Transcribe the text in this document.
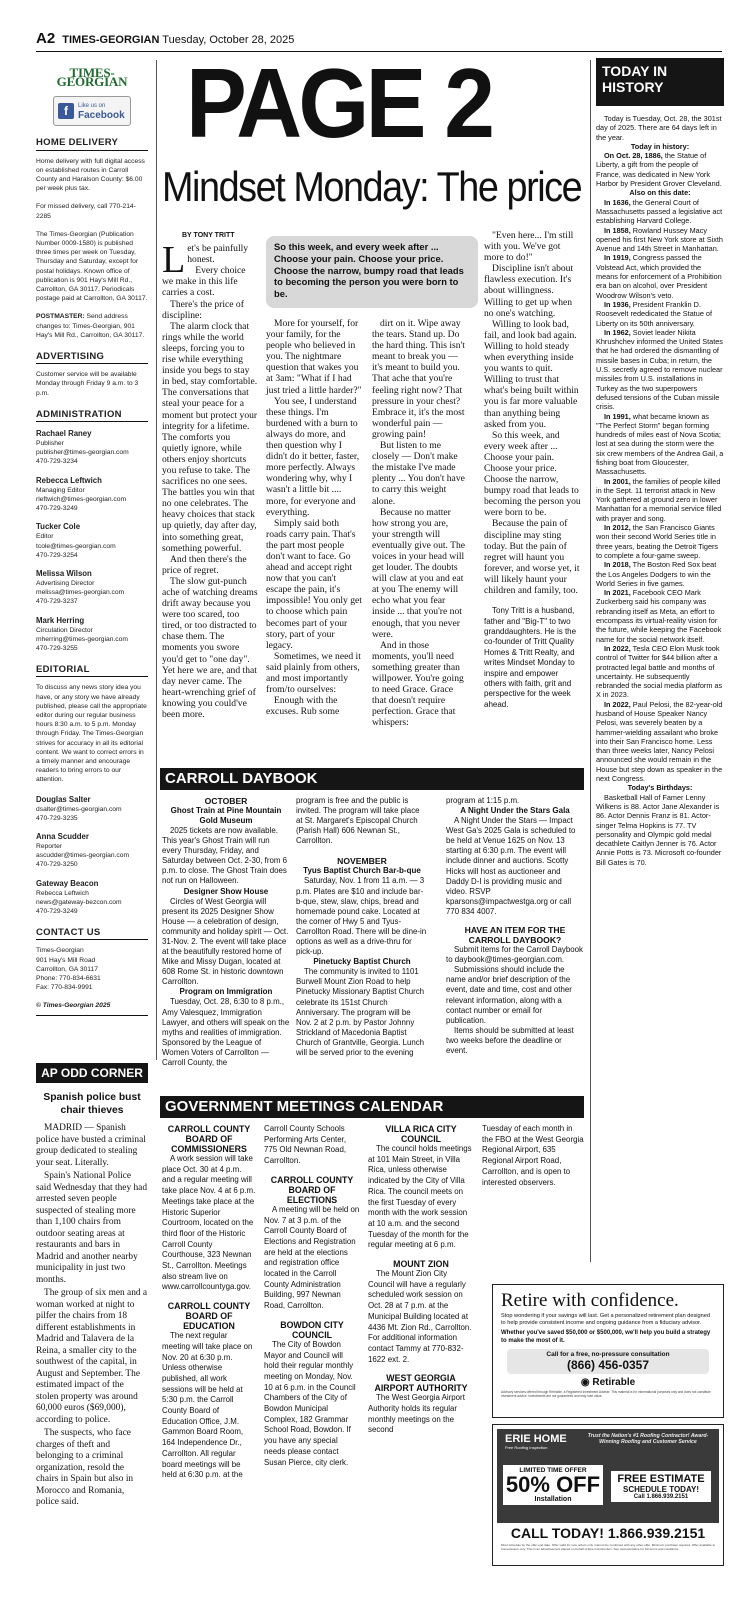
A2 TIMES-GEORGIAN Tuesday, October 28, 2025
TIMES-GEORGIAN
f	Like us on
Facebook
HOME DELIVERY

Home delivery with full digital access on established routes in Carroll County and Haralson County: $6.00 per week plus tax.

For missed delivery, call 770-214-2285

The Times-Georgian (Publication Number 0009-1580) is published three times per week on Tuesday, Thursday and Saturday, except for postal holidays. Known office of publication is 901 Hay's Mill Rd., Carrollton, GA 30117. Periodicals postage paid at Carrollton, GA 30117.

POSTMASTER: Send address changes to: Times-Georgian, 901 Hay's Mill Rd., Carrollton, GA 30117.

ADVERTISING

Customer service will be available Monday through Friday 9 a.m. to 3 p.m.

ADMINISTRATION
Rachael Raney
Publisher
publisher@times-georgian.com
470-729-3234
Rebecca Leftwich
Managing Editor
rleftwich@times-georgian.com
470-729-3249
Tucker Cole
Editor
tcole@times-georgian.com
470-729-3254
Melissa Wilson
Advertising Director
melissa@times-georgian.com
470-729-3237
Mark Herring
Circulation Director
mherring@times-georgian.com
470-729-3255
EDITORIAL

To discuss any news story idea you have, or any story we have already published, please call the appropriate editor during our regular business hours 8:30 a.m. to 5 p.m. Monday through Friday. The Times-Georgian strives for accuracy in all its editorial content. We want to correct errors in a timely manner and encourage readers to bring errors to our attention.

Douglas Salter
dsalter@times-georgian.com
470-729-3235
Anna Scudder
Reporter
ascudder@times-georgian.com
470-729-3250
Gateway Beacon
Rebecca Leftwich
news@gateway-bezcon.com
470-729-3249
CONTACT US
Times-Georgian
901 Hay's Mill Road
Carrollton, GA 30117
Phone: 770-834-6631
Fax: 770-834-9991
© Times-Georgian 2025
AP ODD CORNER
Spanish police bust chair thieves

MADRID — Spanish police have busted a criminal group dedicated to stealing your seat. Literally.

Spain's National Police said Wednesday that they had arrested seven people suspected of stealing more than 1,100 chairs from outdoor seating areas at restaurants and bars in Madrid and another nearby municipality in just two months.

The group of six men and a woman worked at night to pilfer the chairs from 18 different establishments in Madrid and Talavera de la Reina, a smaller city to the southwest of the capital, in August and September. The estimated impact of the stolen property was around 60,000 euros ($69,000), according to police.

The suspects, who face charges of theft and belonging to a criminal organization, resold the chairs in Spain but also in Morocco and Romania, police said.

PAGE 2
Mindset Monday: The price
BY TONY TRITT
L et's be painfully honest.

Every choice we make in this life carries a cost.

There's the price of discipline:

The alarm clock that rings while the world sleeps, forcing you to rise while everything inside you begs to stay in bed, stay comfortable. The conversations that steal your peace for a moment but protect your integrity for a lifetime. The comforts you quietly ignore, while others enjoy shortcuts you refuse to take. The sacrifices no one sees. The battles you win that no one celebrates. The heavy choices that stack up quietly, day after day, into something great, something powerful.

And then there's the price of regret.

The slow gut-punch ache of watching dreams drift away because you were too scared, too tired, or too distracted to chase them. The moments you swore you'd get to "one day". Yet here we are, and that day never came. The heart-wrenching grief of knowing you could've been more.

So this week, and every week after ... Choose your pain. Choose your price. Choose the narrow, bumpy road that leads to becoming the person you were born to be.

More for yourself, for your family, for the people who believed in you. The nightmare question that wakes you at 3am: "What if I had just tried a little harder?"

You see, I understand these things. I'm burdened with a burn to always do more, and then question why I didn't do it better, faster, more perfectly. Always wondering why, why I wasn't a little bit .... more, for everyone and everything.

Simply said both roads carry pain. That's the part most people don't want to face. Go ahead and accept right now that you can't escape the pain, it's impossible! You only get to choose which pain becomes part of your story, part of your legacy.

Sometimes, we need it said plainly from others, and most importantly from/to ourselves:

Enough with the excuses. Rub some

dirt on it. Wipe away the tears. Stand up. Do the hard thing. This isn't meant to break you — it's meant to build you. That ache that you're feeling right now? That pressure in your chest? Embrace it, it's the most wonderful pain — growing pain!

But listen to me closely — Don't make the mistake I've made plenty ... You don't have to carry this weight alone.

Because no matter how strong you are, your strength will eventually give out. The voices in your head will get louder. The doubts will claw at you and eat at you The enemy will echo what you fear inside ... that you're not enough, that you never were.

And in those moments, you'll need something greater than willpower. You're going to need Grace. Grace that doesn't require perfection. Grace that whispers:

"Even here... I'm still with you. We've got more to do!"

Discipline isn't about flawless execution. It's about willingness. Willing to get up when no one's watching.

Willing to look bad, fail, and look bad again. Willing to hold steady when everything inside you wants to quit. Willing to trust that what's being built within you is far more valuable than anything being asked from you.

So this week, and every week after ... Choose your pain. Choose your price. Choose the narrow, bumpy road that leads to becoming the person you were born to be.

Because the pain of discipline may sting today. But the pain of regret will haunt you forever, and worse yet, it will likely haunt your children and family, too.

Tony Tritt is a husband, father and "Big-T" to two granddaughters. He is the co-founder of Tritt Quality Homes & Tritt Realty, and writes Mindset Monday to inspire and empower others with faith, grit and perspective for the week ahead.

TODAY IN HISTORY

Today is Tuesday, Oct. 28, the 301st day of 2025. There are 64 days left in the year.

Today in history:

On Oct. 28, 1886, the Statue of Liberty, a gift from the people of France, was dedicated in New York Harbor by President Grover Cleveland.

Also on this date:

In 1636, the General Court of Massachusetts passed a legislative act establishing Harvard College.

In 1858, Rowland Hussey Macy opened his first New York store at Sixth Avenue and 14th Street in Manhattan.

In 1919, Congress passed the Volstead Act, which provided the means for enforcement of a Prohibition era ban on alcohol, over President Woodrow Wilson's veto.

In 1936, President Franklin D. Roosevelt rededicated the Statue of Liberty on its 50th anniversary.

In 1962, Soviet leader Nikita Khrushchev informed the United States that he had ordered the dismantling of missile bases in Cuba; in return, the U.S. secretly agreed to remove nuclear missiles from U.S. installations in Turkey as the two superpowers defused tensions of the Cuban missile crisis.

In 1991, what became known as "The Perfect Storm" began forming hundreds of miles east of Nova Scotia; lost at sea during the storm were the six crew members of the Andrea Gail, a fishing boat from Gloucester, Massachusetts.

In 2001, the families of people killed in the Sept. 11 terrorist attack in New York gathered at ground zero in lower Manhattan for a memorial service filled with prayer and song.

In 2012, the San Francisco Giants won their second World Series title in three years, beating the Detroit Tigers to complete a four-game sweep.

In 2018, The Boston Red Sox beat the Los Angeles Dodgers to win the World Series in five games.

In 2021, Facebook CEO Mark Zuckerberg said his company was rebranding itself as Meta, an effort to encompass its virtual-reality vision for the future, while keeping the Facebook name for the social network itself.

In 2022, Tesla CEO Elon Musk took control of Twitter for $44 billion after a protracted legal battle and months of uncertainty. He subsequently rebranded the social media platform as X in 2023.

In 2022, Paul Pelosi, the 82-year-old husband of House Speaker Nancy Pelosi, was severely beaten by a hammer-wielding assailant who broke into their San Francisco home. Less than three weeks later, Nancy Pelosi announced she would remain in the House but step down as speaker in the next Congress.

Today's Birthdays:

Basketball Hall of Famer Lenny Wilkens is 88. Actor Jane Alexander is 86. Actor Dennis Franz is 81. Actor-singer Telma Hopkins is 77. TV personality and Olympic gold medal decathlete Caitlyn Jenner is 76. Actor Annie Potts is 73. Microsoft co-founder Bill Gates is 70.

CARROLL DAYBOOK
OCTOBER
Ghost Train at Pine Mountain Gold Museum

2025 tickets are now available. This year's Ghost Train will run every Thursday, Friday, and Saturday between Oct. 2-30, from 6 p.m. to close. The Ghost Train does not run on Halloween.

Designer Show House

Circles of West Georgia will present its 2025 Designer Show House — a celebration of design, community and holiday spirit — Oct. 31-Nov. 2. The event will take place at the beautifully restored home of Mike and Missy Dugan, located at 608 Rome St. in historic downtown Carrollton.

Program on Immigration

Tuesday, Oct. 28, 6:30 to 8 p.m., Amy Valesquez, Immigration Lawyer, and others will speak on the myths and realities of immigration. Sponsored by the League of Women Voters of Carrollton — Carroll County, the

program is free and the public is invited. The program will take place at St. Margaret's Episcopal Church (Parish Hall) 606 Newnan St., Carrollton.

NOVEMBER
Tyus Baptist Church Bar-b-que

Saturday, Nov. 1 from 11 a.m. — 3 p.m. Plates are $10 and include bar-b-que, stew, slaw, chips, bread and homemade pound cake. Located at the corner of Hwy 5 and Tyus-Carrollton Road. There will be dine-in options as well as a drive-thru for pick-up.

Pinetucky Baptist Church

The community is invited to 1101 Burwell Mount Zion Road to help Pinetucky Missionary Baptist Church celebrate its 151st Church Anniversary. The program will be Nov. 2 at 2 p.m. by Pastor Johnny Strickland of Macedonia Baptist Church of Grantville, Georgia. Lunch will be served prior to the evening

program at 1:15 p.m.

A Night Under the Stars Gala

A Night Under the Stars — Impact West Ga's 2025 Gala is scheduled to be held at Venue 1625 on Nov. 13 starting at 6:30 p.m. The event will include dinner and auctions. Scotty Hicks will host as auctioneer and Daddy D-I is providing music and video. RSVP kparsons@impactwestga.org or call 770 834 4007.

HAVE AN ITEM FOR THE CARROLL DAYBOOK?

Submit items for the Carroll Daybook to daybook@times-georgian.com.

Submissions should include the name and/or brief description of the event, date and time, cost and other relevant information, along with a contact number or email for publication.

Items should be submitted at least two weeks before the deadline or event.

GOVERNMENT MEETINGS CALENDAR
CARROLL COUNTY BOARD OF COMMISSIONERS

A work session will take place Oct. 30 at 4 p.m. and a regular meeting will take place Nov. 4 at 6 p.m. Meetings take place at the Historic Superior Courtroom, located on the third floor of the Historic Carroll County Courthouse, 323 Newnan St., Carrollton. Meetings also stream live on www.carrollcountyga.gov.

CARROLL COUNTY BOARD OF EDUCATION

The next regular meeting will take place on Nov. 20 at 6:30 p.m. Unless otherwise published, all work sessions will be held at 5:30 p.m. the Carroll County Board of Education Office, J.M. Gammon Board Room, 164 Independence Dr., Carrollton. All regular board meetings will be held at 6:30 p.m. at the

Carroll County Schools Performing Arts Center, 775 Old Newnan Road, Carrollton.

CARROLL COUNTY BOARD OF ELECTIONS

A meeting will be held on Nov. 7 at 3 p.m. of the Carroll County Board of Elections and Registration are held at the elections and registration office located in the Carroll County Administration Building, 997 Newnan Road, Carrollton.

BOWDON CITY COUNCIL

The City of Bowdon Mayor and Council will hold their regular monthly meeting on Monday, Nov. 10 at 6 p.m. in the Council Chambers of the City of Bowdon Municipal Complex, 182 Grammar School Road, Bowdon. If you have any special needs please contact Susan Pierce, city clerk.

VILLA RICA CITY COUNCIL

The council holds meetings at 101 Main Street, in Villa Rica, unless otherwise indicated by the City of Villa Rica. The council meets on the first Tuesday of every month with the work session at 10 a.m. and the second Tuesday of the month for the regular meeting at 6 p.m.

MOUNT ZION

The Mount Zion City Council will have a regularly scheduled work session on Oct. 28 at 7 p.m. at the Municipal Building located at 4436 Mt. Zion Rd., Carrollton. For additional information contact Tammy at 770-832-1622 ext. 2.

WEST GEORGIA AIRPORT AUTHORITY

The West Georgia Airport Authority holds its regular monthly meetings on the second

Tuesday of each month in the FBO at the West Georgia Regional Airport, 635 Regional Airport Road, Carrollton, and is open to interested observers.

Retire with confidence.
Stop wondering if your savings will last. Get a personalized retirement plan designed to help provide consistent income and ongoing guidance from a fiduciary advisor.
Whether you've saved $50,000 or $500,000, we'll help you build a strategy to make the most of it.
Call for a free, no-pressure consultation
(866) 456-0357
◉ Retirable
Advisory services offered through Retirable, a Registered Investment Adviser. This material is for informational purposes only and does not constitute investment advice. Investments are not guaranteed and may lose value.
ERIE HOME
Free Roofing Inspection
Trust the Nation's #1 Roofing Contractor! Award-Winning Roofing and Customer Service
LIMITED TIME OFFER
50% OFF
Installation
FREE ESTIMATE
SCHEDULE TODAY!
Call 1.866.939.2151
CALL TODAY! 1.866.939.2151
Must schedule by the offer end date. Offer valid for new orders only. Cannot be combined with any other offer. Minimum purchase required. Offer available to homeowners only. This is an advertisement placed on behalf of Erie Construction. See representative for full terms and conditions.
